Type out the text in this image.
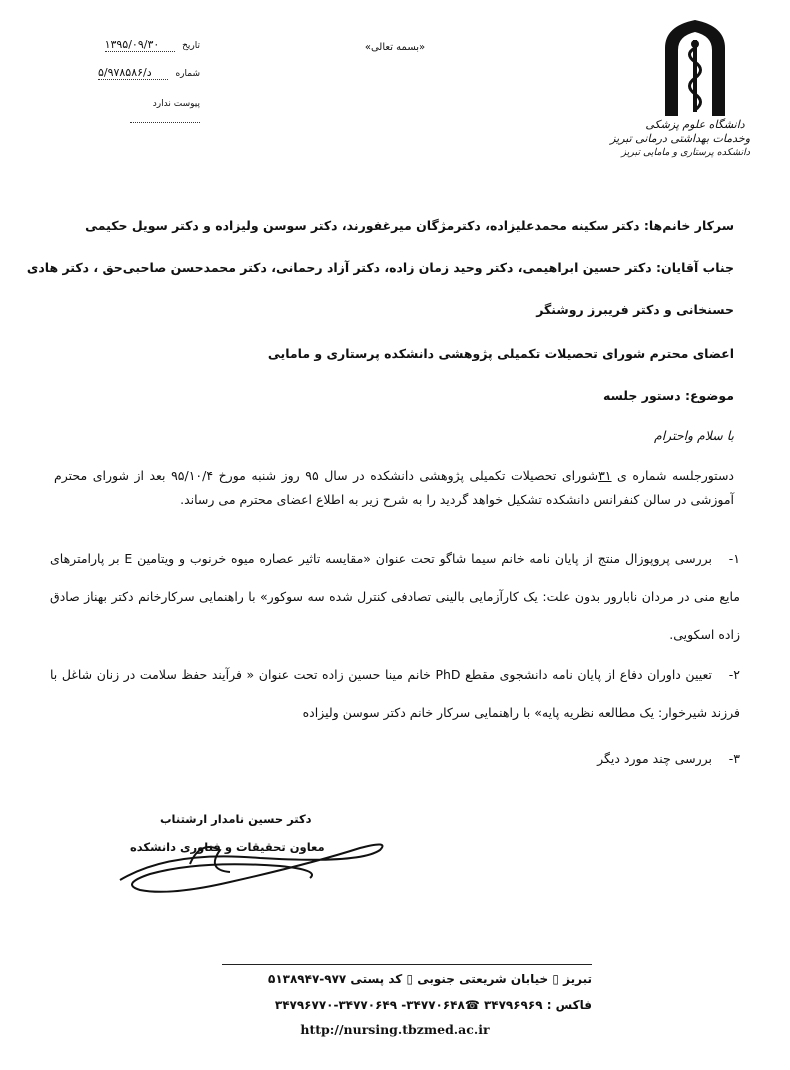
دانشگاه علوم پزشکی
وخدمات بهداشتی درمانی تبریز
دانشکده پرستاری و مامایی تبریز
«بسمه تعالی»
تاریخ ۱۳۹۵/۰۹/۳۰
شماره ۵/د/۹۷۸۵۸۶
پیوست ندارد
سرکار خانم‌ها: دکتر سکینه محمدعلیزاده، دکترمژگان میرغفورند، دکتر سوسن ولیزاده و دکتر سویل حکیمی
جناب آقایان: دکتر حسین ابراهیمی، دکتر وحید زمان زاده، دکتر آزاد رحمانی، دکتر محمدحسن صاحبی‌حق ، دکتر هادی
حسنخانی و دکتر فریبرز روشنگر
اعضای محترم شورای تحصیلات تکمیلی پژوهشی دانشکده پرستاری و مامایی
موضوع: دستور جلسه
با سلام واحترام
دستورجلسه شماره ی ۳۱شورای تحصیلات تکمیلی پژوهشی دانشکده در سال ۹۵ روز شنبه مورخ ۹۵/۱۰/۴ بعد از شورای محترم آموزشی در سالن کنفرانس دانشکده تشکیل خواهد گردید را به شرح زیر به اطلاع اعضای محترم می رساند.
۱-بررسی پروپوزال منتج از پایان نامه خانم سیما شاگو تحت عنوان «مقایسه تاثیر عصاره میوه خرنوب و ویتامین E بر پارامترهای مایع منی در مردان نابارور بدون علت: یک کارآزمایی بالینی تصادفی کنترل شده سه سوکور» با راهنمایی سرکارخانم دکتر بهناز صادق زاده اسکویی.
۲-تعیین داوران دفاع از پایان نامه دانشجوی مقطع PhD خانم مینا حسین زاده تحت عنوان « فرآیند حفظ سلامت در زنان شاغل با فرزند شیرخوار: یک مطالعه نظریه پایه» با راهنمایی سرکار خانم دکتر سوسن ولیزاده
۳-بررسی چند مورد دیگر
دکتر حسین نامدار ارشتناب
معاون تحقیقات و فناوری دانشکده
تبریز ▯ خیابان شریعتی جنوبی ▯ کد پستی ۹۷۷-۵۱۳۸۹۴۷
فاکس : ۳۴۷۹۶۹۶۹ ☎۳۴۷۷۰۶۴۸- ۳۴۷۷۰۶۴۹-۳۴۷۹۶۷۷۰
http://nursing.tbzmed.ac.ir
